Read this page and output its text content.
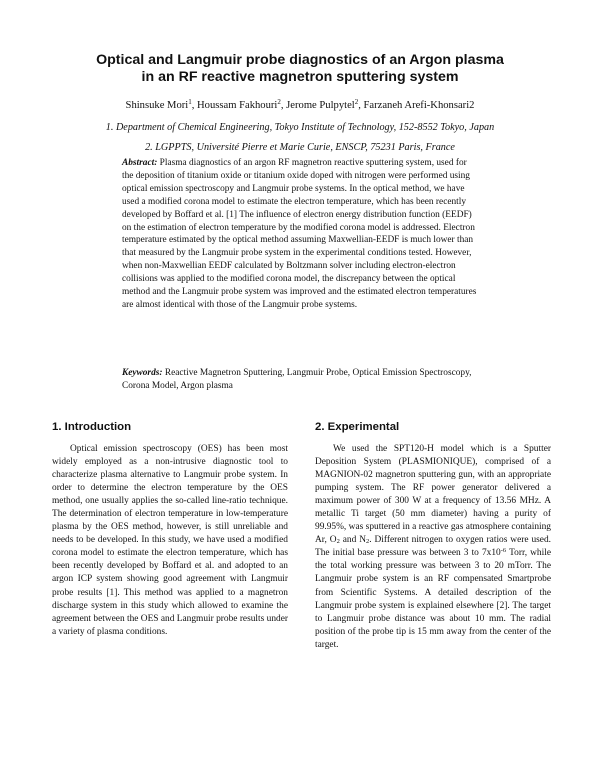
Optical and Langmuir probe diagnostics of an Argon plasma
in an RF reactive magnetron sputtering system
Shinsuke Mori$^1$, Houssam Fakhouri$^2$, Jerome Pulpytel$^2$, Farzaneh Arefi-Khonsari2
1. Department of Chemical Engineering, Tokyo Institute of Technology, 152-8552 Tokyo, Japan
2. LGPPTS, Université Pierre et Marie Curie, ENSCP, 75231 Paris, France
Abstract: Plasma diagnostics of an argon RF magnetron reactive sputtering system, used for the deposition of titanium oxide or titanium oxide doped with nitrogen were performed using optical emission spectroscopy and Langmuir probe systems. In the optical method, we have used a modified corona model to estimate the electron temperature, which has been recently developed by Boffard et al. [1] The influence of electron energy distribution function (EEDF) on the estimation of electron temperature by the modified corona model is addressed. Electron temperature estimated by the optical method assuming Maxwellian-EEDF is much lower than that measured by the Langmuir probe system in the experimental conditions tested. However, when non-Maxwellian EEDF calculated by Boltzmann solver including electron-electron collisions was applied to the modified corona model, the discrepancy between the optical method and the Langmuir probe system was improved and the estimated electron temperatures are almost identical with those of the Langmuir probe systems.
Keywords: Reactive Magnetron Sputtering, Langmuir Probe, Optical Emission Spectroscopy, Corona Model, Argon plasma
1. Introduction	2. Experimental

Optical emission spectroscopy (OES) has been most widely employed as a non-intrusive diagnostic tool to characterize plasma alternative to Langmuir probe system. In order to determine the electron temperature by the OES method, one usually applies the so-called line-ratio technique. The determination of electron temperature in low-temperature plasma by the OES method, however, is still unreliable and needs to be developed. In this study, we have used a modified corona model to estimate the electron temperature, which has been recently developed by Boffard et al. and adopted to an argon ICP system showing good agreement with Langmuir probe results [1]. This method was applied to a magnetron discharge system in this study which allowed to examine the agreement between the OES and Langmuir probe results under a variety of plasma conditions.

We used the SPT120-H model which is a Sputter Deposition System (PLASMIONIQUE), comprised of a MAGNION-02 magnetron sputtering gun, with an appropriate pumping system. The RF power generator delivered a maximum power of 300 W at a frequency of 13.56 MHz. A metallic Ti target (50 mm diameter) having a purity of 99.95%, was sputtered in a reactive gas atmosphere containing Ar, $O_2$ and $N_2$. Different nitrogen to oxygen ratios were used. The initial base pressure was between 3 to $7x10^{-6}$ Torr, while the total working pressure was between 3 to 20 mTorr. The Langmuir probe system is an RF compensated Smartprobe from Scientific Systems. A detailed description of the Langmuir probe system is explained elsewhere [2]. The target to Langmuir probe distance was about 10 mm. The radial position of the probe tip is 15 mm away from the center of the target.
